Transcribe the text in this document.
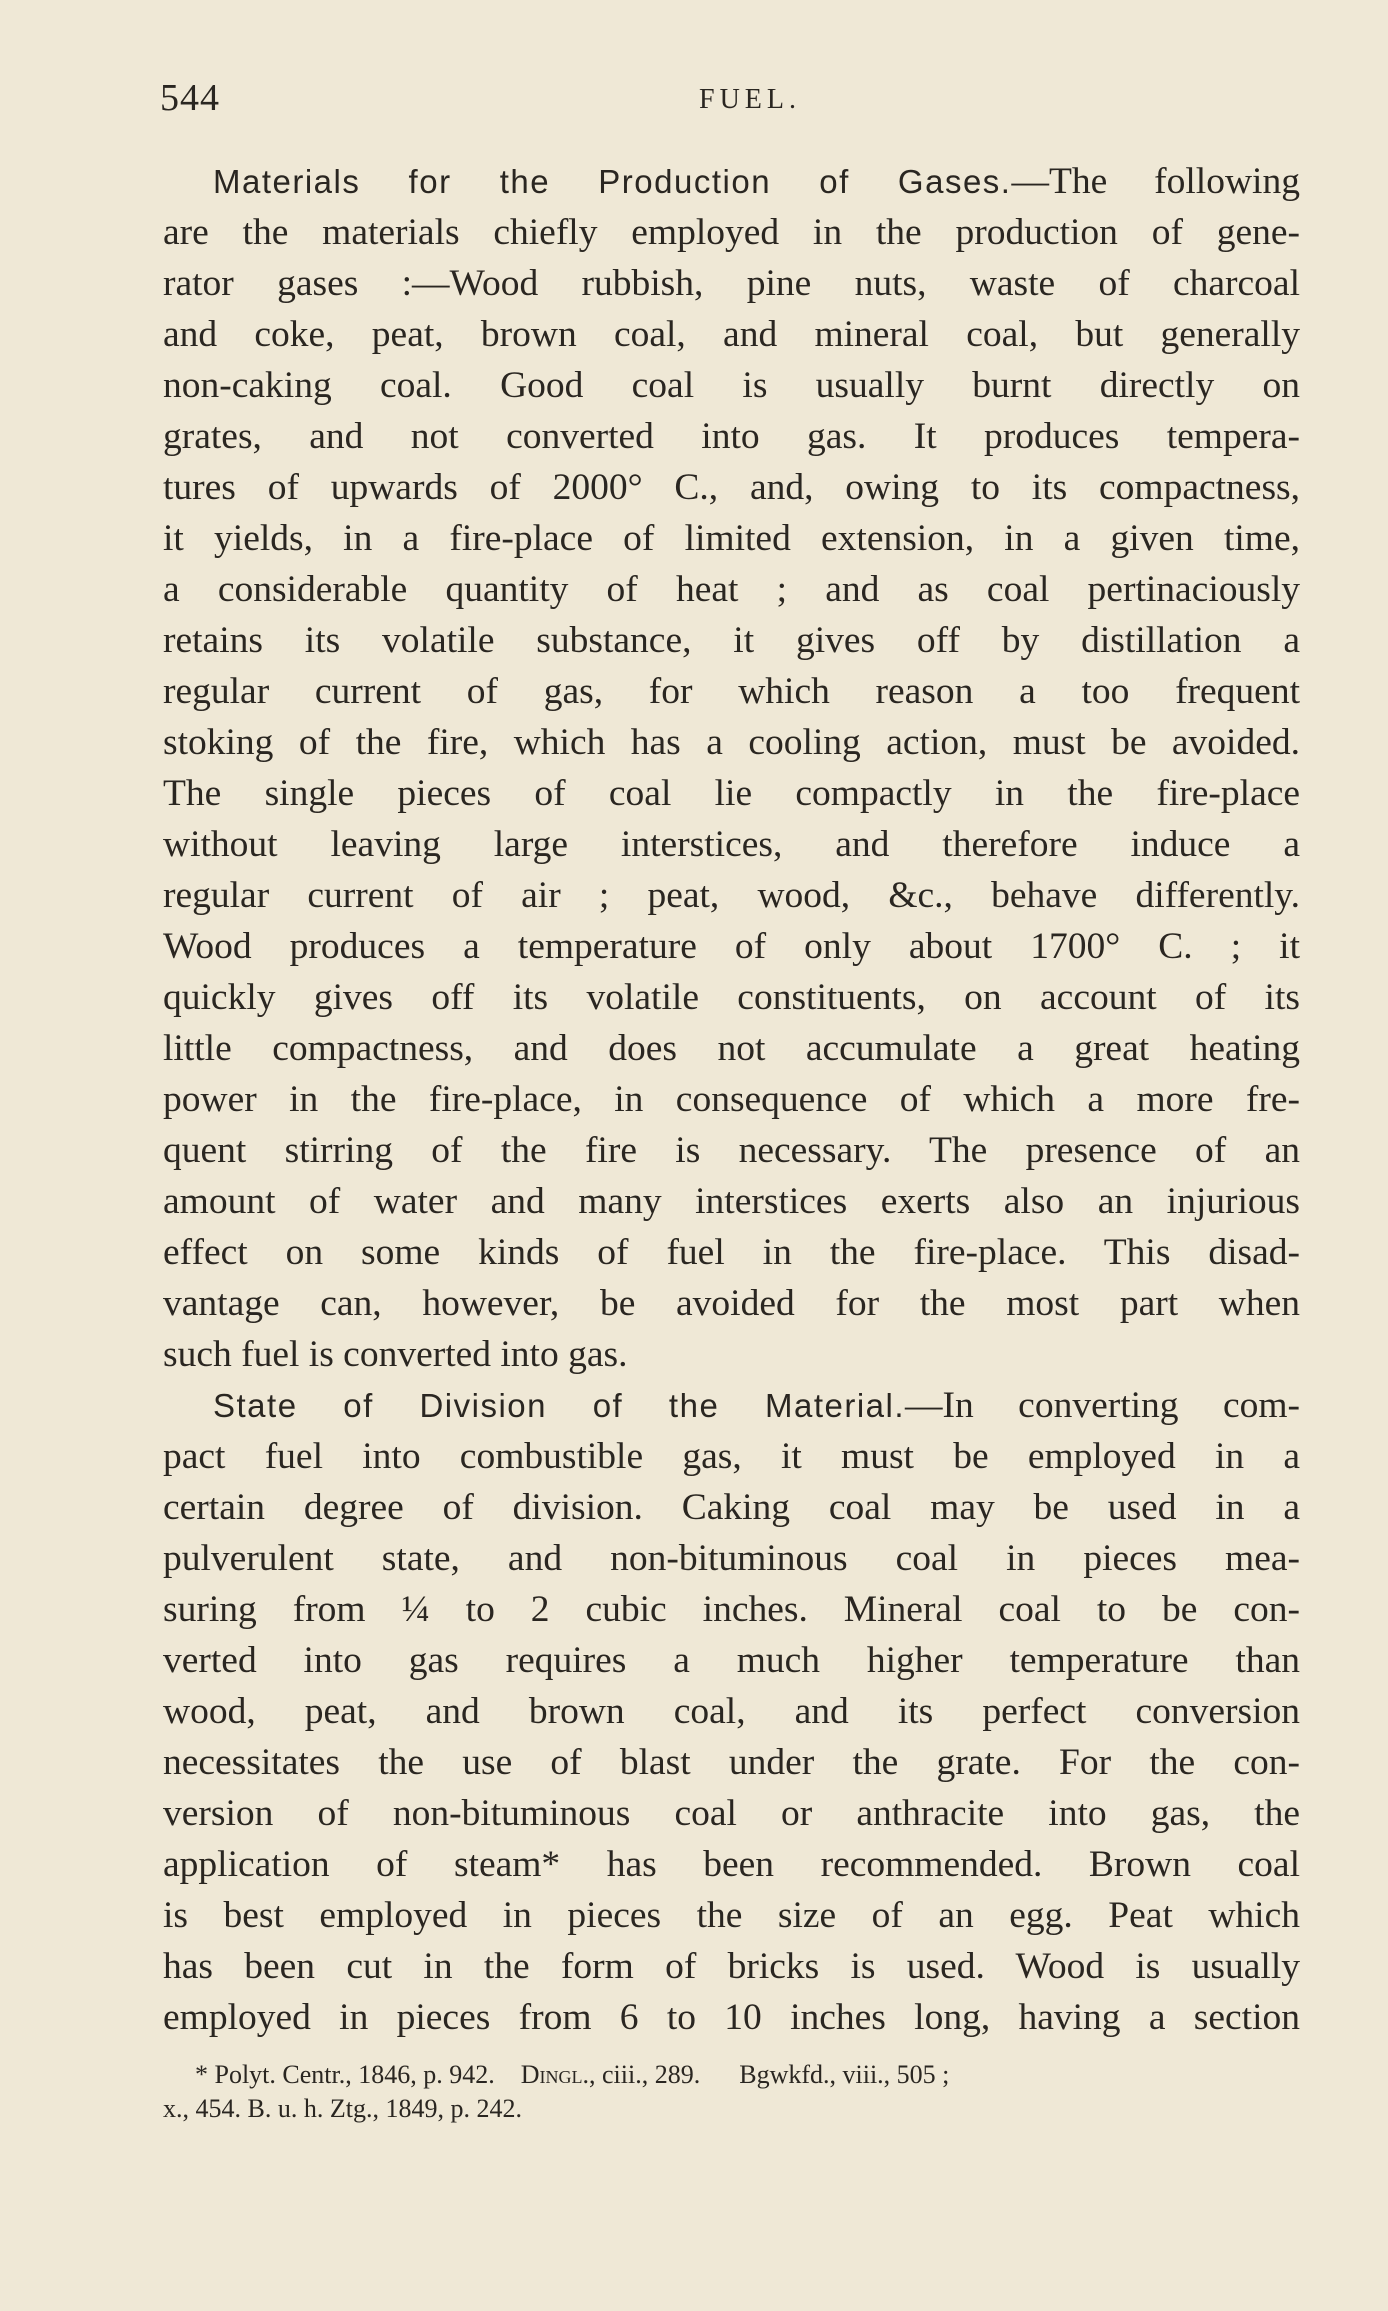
544	FUEL.
Materials for the Production of Gases.—The following
are the materials chiefly employed in the production of gene-
rator gases :—Wood rubbish, pine nuts, waste of charcoal
and coke, peat, brown coal, and mineral coal, but generally
non-caking coal. Good coal is usually burnt directly on
grates, and not converted into gas. It produces tempera-
tures of upwards of 2000° C., and, owing to its compactness,
it yields, in a fire-place of limited extension, in a given time,
a considerable quantity of heat ; and as coal pertinaciously
retains its volatile substance, it gives off by distillation a
regular current of gas, for which reason a too frequent
stoking of the fire, which has a cooling action, must be avoided.
The single pieces of coal lie compactly in the fire-place
without leaving large interstices, and therefore induce a
regular current of air ; peat, wood, &c., behave differently.
Wood produces a temperature of only about 1700° C. ; it
quickly gives off its volatile constituents, on account of its
little compactness, and does not accumulate a great heating
power in the fire-place, in consequence of which a more fre-
quent stirring of the fire is necessary. The presence of an
amount of water and many interstices exerts also an injurious
effect on some kinds of fuel in the fire-place. This disad-
vantage can, however, be avoided for the most part when
such fuel is converted into gas.
State of Division of the Material.—In converting com-
pact fuel into combustible gas, it must be employed in a
certain degree of division. Caking coal may be used in a
pulverulent state, and non-bituminous coal in pieces mea-
suring from ¼ to 2 cubic inches. Mineral coal to be con-
verted into gas requires a much higher temperature than
wood, peat, and brown coal, and its perfect conversion
necessitates the use of blast under the grate. For the con-
version of non-bituminous coal or anthracite into gas, the
application of steam* has been recommended. Brown coal
is best employed in pieces the size of an egg. Peat which
has been cut in the form of bricks is used. Wood is usually
employed in pieces from 6 to 10 inches long, having a section
* Polyt. Centr., 1846, p. 942. Dingl., ciii., 289. Bgwkfd., viii., 505 ;
x., 454. B. u. h. Ztg., 1849, p. 242.
